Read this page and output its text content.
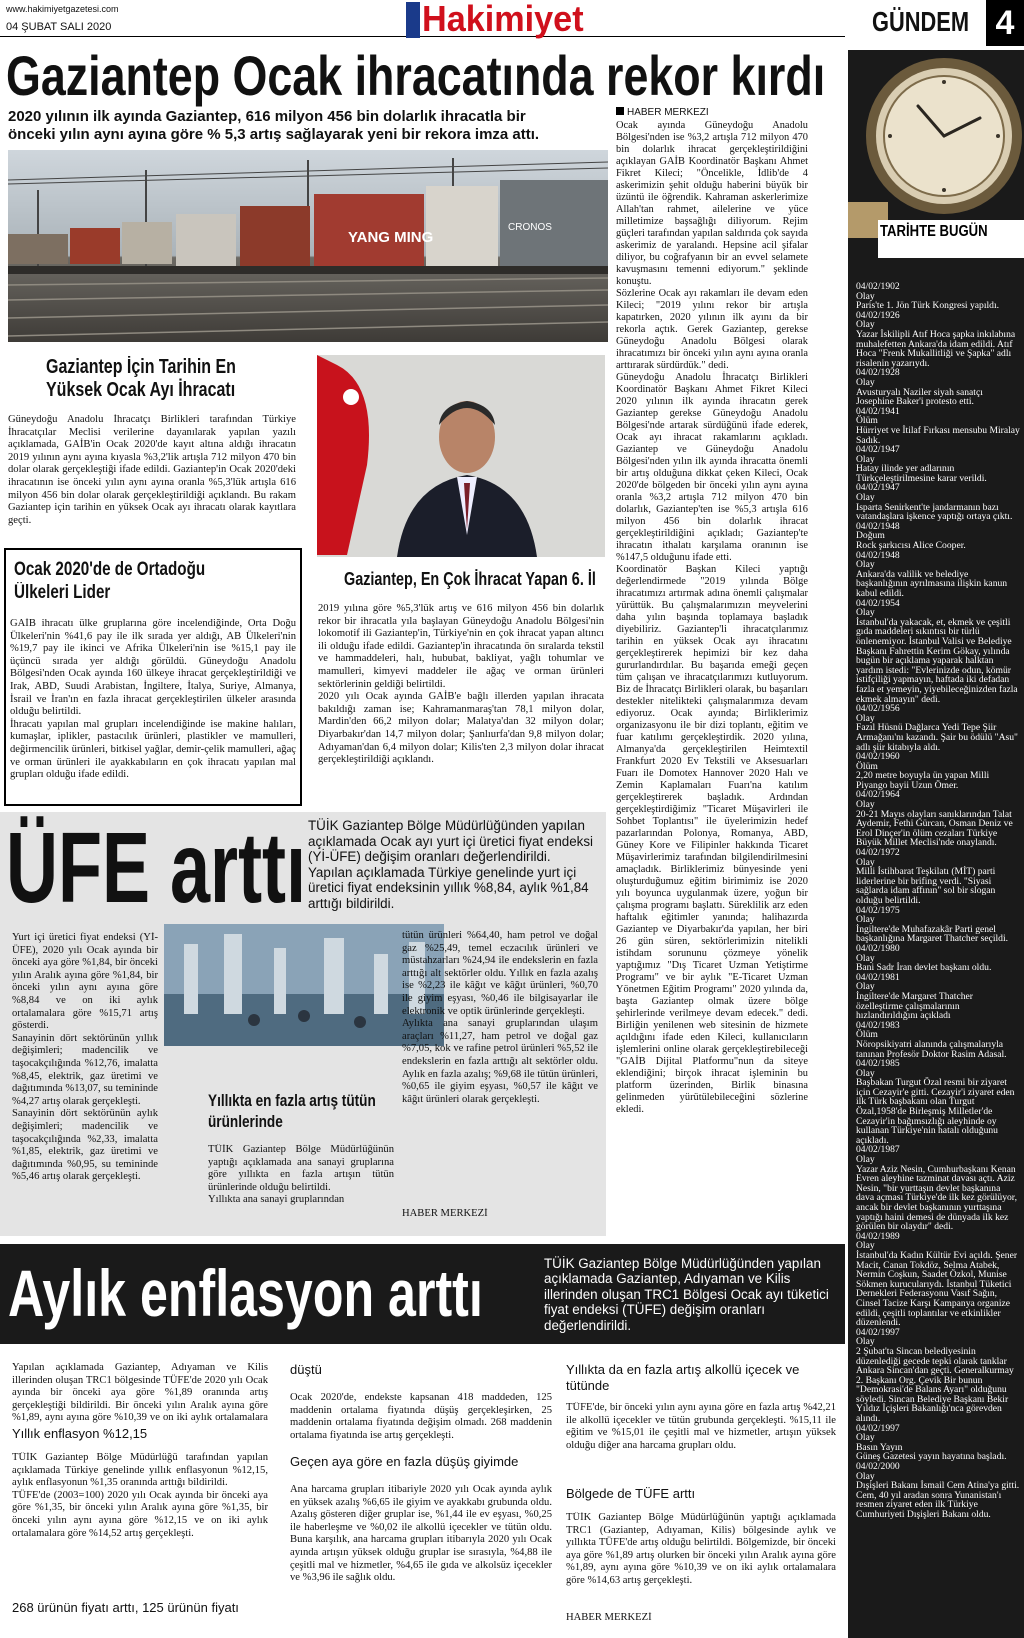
www.hakimiyetgazetesi.com
04 ŞUBAT SALI 2020	Hakimiyet	GÜNDEM 4
Gaziantep Ocak ihracatında rekor kırdı
2020 yılının ilk ayında Gaziantep, 616 milyon 456 bin dolarlık ihracatla bir
önceki yılın aynı ayına göre % 5,3 artış sağlayarak yeni bir rekora imza attı.
YANG MING
CRONOS
HABER MERKEZİ
Ocak ayında Güneydoğu Anadolu Bölgesi'nden ise %3,2 artışla 712 milyon 470 bin dolarlık ihracat gerçekleştirildiğini açıklayan GAİB Koordinatör Başkanı Ahmet Fikret Kileci; "Öncelikle, İdlib'de 4 askerimizin şehit olduğu haberini büyük bir üzüntü ile öğrendik. Kahraman askerlerimize Allah'tan rahmet, ailelerine ve yüce milletimize başsağlığı diliyorum. Rejim güçleri tarafından yapılan saldırıda çok sayıda askerimiz de yaralandı. Hepsine acil şifalar diliyor, bu coğrafyanın bir an evvel selamete kavuşmasını temenni ediyorum." şeklinde konuştu.
Sözlerine Ocak ayı rakamları ile devam eden Kileci; "2019 yılını rekor bir artışla kapatırken, 2020 yılının ilk ayını da bir rekorla açtık. Gerek Gaziantep, gerekse Güneydoğu Anadolu Bölgesi olarak ihracatımızı bir önceki yılın aynı ayına oranla arttırarak sürdürdük." dedi.
Güneydoğu Anadolu İhracatçı Birlikleri Koordinatör Başkanı Ahmet Fikret Kileci 2020 yılının ilk ayında ihracatın gerek Gaziantep gerekse Güneydoğu Anadolu Bölgesi'nde artarak sürdüğünü ifade ederek, Ocak ayı ihracat rakamlarını açıkladı. Gaziantep ve Güneydoğu Anadolu Bölgesi'nden yılın ilk ayında ihracatta önemli bir artış olduğuna dikkat çeken Kileci, Ocak 2020'de bölgeden bir önceki yılın aynı ayına oranla %3,2 artışla 712 milyon 470 bin dolarlık, Gaziantep'ten ise %5,3 artışla 616 milyon 456 bin dolarlık ihracat gerçekleştirildiğini açıkladı; Gaziantep'te ihracatın ithalatı karşılama oranının ise %147,5 olduğunu ifade etti.
Koordinatör Başkan Kileci yaptığı değerlendirmede "2019 yılında Bölge ihracatımızı artırmak adına önemli çalışmalar yürüttük. Bu çalışmalarımızın meyvelerini daha yılın başında toplamaya başladık diyebiliriz. Gaziantep'li ihracatçılarımız tarihin en yüksek Ocak ayı ihracatını gerçekleştirerek hepimizi bir kez daha gururlandırdılar. Bu başarıda emeği geçen tüm çalışan ve ihracatçılarımızı kutluyorum. Biz de İhracatçı Birlikleri olarak, bu başarıları destekler nitelikteki çalışmalarımıza devam ediyoruz. Ocak ayında; Birliklerimiz organizasyonu ile bir dizi toplantı, eğitim ve fuar katılımı gerçekleştirdik. 2020 yılına, Almanya'da gerçekleştirilen Heimtextil Frankfurt 2020 Ev Tekstili ve Aksesuarları Fuarı ile Domotex Hannover 2020 Halı ve Zemin Kaplamaları Fuarı'na katılım gerçekleştirerek başladık. Ardından gerçekleştirdiğimiz "Ticaret Müşavirleri ile Sohbet Toplantısı" ile üyelerimizin hedef pazarlarından Polonya, Romanya, ABD, Güney Kore ve Filipinler hakkında Ticaret Müşavirlerimiz tarafından bilgilendirilmesini amaçladık. Birliklerimiz bünyesinde yeni oluşturduğumuz eğitim birimimiz ise 2020 yılı boyunca uygulanmak üzere, yoğun bir çalışma programı başlattı. Süreklilik arz eden haftalık eğitimler yanında; halihazırda Gaziantep ve Diyarbakır'da yapılan, her biri 26 gün süren, sektörlerimizin nitelikli istihdam sorununu çözmeye yönelik yaptığımız "Dış Ticaret Uzman Yetiştirme Programı" ve bir aylık "E-Ticaret Uzman Yönetmen Eğitim Programı" 2020 yılında da, başta Gaziantep olmak üzere bölge şehirlerinde verilmeye devam edecek." dedi. Birliğin yenilenen web sitesinin de hizmete açıldığını ifade eden Kileci, kullanıcıların işlemlerini online olarak gerçekleştirebileceği "GAİB Dijital Platformu"nun da siteye eklendiğini; birçok ihracat işleminin bu platform üzerinden, Birlik binasına gelinmeden yürütülebileceğini sözlerine ekledi.
Gaziantep İçin Tarihin En
Yüksek Ocak Ayı İhracatı
Güneydoğu Anadolu İhracatçı Birlikleri tarafından Türkiye İhracatçılar Meclisi verilerine dayanılarak yapılan yazılı açıklamada, GAİB'in Ocak 2020'de kayıt altına aldığı ihracatın 2019 yılının aynı ayına kıyasla %3,2'lik artışla 712 milyon 470 bin dolar olarak gerçekleştiği ifade edildi. Gaziantep'in Ocak 2020'deki ihracatının ise önceki yılın aynı ayına oranla %5,3'lük artışla 616 milyon 456 bin dolar olarak gerçekleştirildiği açıklandı. Bu rakam Gaziantep için tarihin en yüksek Ocak ayı ihracatı olarak kayıtlara geçti.
Ocak 2020'de de Ortadoğu
Ülkeleri Lider
GAİB ihracatı ülke gruplarına göre incelendiğinde, Orta Doğu Ülkeleri'nin %41,6 pay ile ilk sırada yer aldığı, AB Ülkeleri'nin %19,7 pay ile ikinci ve Afrika Ülkeleri'nin ise %15,1 pay ile üçüncü sırada yer aldığı görüldü. Güneydoğu Anadolu Bölgesi'nden Ocak ayında 160 ülkeye ihracat gerçekleştirildiği ve Irak, ABD, Suudi Arabistan, İngiltere, İtalya, Suriye, Almanya, İsrail ve İran'ın en fazla ihracat gerçekleştirilen ülkeler arasında olduğu belirtildi.
İhracatı yapılan mal grupları incelendiğinde ise makine halıları, kumaşlar, iplikler, pastacılık ürünleri, plastikler ve mamulleri, değirmencilik ürünleri, bitkisel yağlar, demir-çelik mamulleri, ağaç ve orman ürünleri ile ayakkabıların en çok ihracatı yapılan mal grupları olduğu ifade edildi.
Gaziantep, En Çok İhracat Yapan 6. İl
2019 yılına göre %5,3'lük artış ve 616 milyon 456 bin dolarlık rekor bir ihracatla yıla başlayan Güneydoğu Anadolu Bölgesi'nin lokomotif ili Gaziantep'in, Türkiye'nin en çok ihracat yapan altıncı ili olduğu ifade edildi. Gaziantep'in ihracatında ön sıralarda tekstil ve hammaddeleri, halı, hububat, bakliyat, yağlı tohumlar ve mamulleri, kimyevi maddeler ile ağaç ve orman ürünleri sektörlerinin geldiği belirtildi.
2020 yılı Ocak ayında GAİB'e bağlı illerden yapılan ihracata bakıldığı zaman ise; Kahramanmaraş'tan 78,1 milyon dolar, Mardin'den 66,2 milyon dolar; Malatya'dan 32 milyon dolar; Diyarbakır'dan 14,7 milyon dolar; Şanlıurfa'dan 9,8 milyon dolar; Adıyaman'dan 6,4 milyon dolar; Kilis'ten 2,3 milyon dolar ihracat gerçekleştirildiği açıklandı.
ÜFE arttı TÜİK Gaziantep Bölge Müdürlüğünden yapılan açıklamada Ocak ayı yurt içi üretici fiyat endeksi (Yİ-ÜFE) değişim oranları değerlendirildi. Yapılan açıklamada Türkiye genelinde yurt içi üretici fiyat endeksinin yıllık %8,84, aylık %1,84 arttığı bildirildi.
Yurt içi üretici fiyat endeksi (Yİ-ÜFE), 2020 yılı Ocak ayında bir önceki aya göre %1,84, bir önceki yılın Aralık ayına göre %1,84, bir önceki yılın aynı ayına göre %8,84 ve on iki aylık ortalamalara göre %15,71 artış gösterdi.
Sanayinin dört sektörünün yıllık değişimleri; madencilik ve taşocakçılığında %12,76, imalatta %8,45, elektrik, gaz üretimi ve dağıtımında %13,07, su temininde %4,27 artış olarak gerçekleşti.
Sanayinin dört sektörünün aylık değişimleri; madencilik ve taşocakçılığında %2,33, imalatta %1,85, elektrik, gaz üretimi ve dağıtımında %0,95, su temininde %5,46 artış olarak gerçekleşti.
Yıllıkta en fazla artış tütün
ürünlerinde
TÜİK Gaziantep Bölge Müdürlüğünün yaptığı açıklamada ana sanayi gruplarına göre yıllıkta en fazla artışın tütün ürünlerinde olduğu belirtildi.
Yıllıkta ana sanayi gruplarından
tütün ürünleri %64,40, ham petrol ve doğal gaz %25,49, temel eczacılık ürünleri ve müstahzarları %24,94 ile endekslerin en fazla arttığı alt sektörler oldu. Yıllık en fazla azalış ise %2,23 ile kâğıt ve kâğıt ürünleri, %0,70 ile giyim eşyası, %0,46 ile bilgisayarlar ile elektronik ve optik ürünlerinde gerçekleşti.
Aylıkta ana sanayi gruplarından ulaşım araçları %11,27, ham petrol ve doğal gaz %7,05, kok ve rafine petrol ürünleri %5,52 ile endekslerin en fazla arttığı alt sektörler oldu. Aylık en fazla azalış; %9,68 ile tütün ürünleri, %0,65 ile giyim eşyası, %0,57 ile kâğıt ve kâğıt ürünleri olarak gerçekleşti.
HABER MERKEZİ
Aylık enflasyon arttı	TÜİK Gaziantep Bölge Müdürlüğünden yapılan açıklamada Gaziantep, Adıyaman ve Kilis illerinden oluşan TRC1 Bölgesi Ocak ayı tüketici fiyat endeksi (TÜFE) değişim oranları değerlendirildi.
Yapılan açıklamada Gaziantep, Adıyaman ve Kilis illerinden oluşan TRC1 bölgesinde TÜFE'de 2020 yılı Ocak ayında bir önceki aya göre %1,89 oranında artış gerçekleştiği bildirildi. Bir önceki yılın Aralık ayına göre %1,89, aynı ayına göre %10,39 ve on iki aylık ortalamalara
Yıllık enflasyon %12,15
TÜİK Gaziantep Bölge Müdürlüğü tarafından yapılan açıklamada Türkiye genelinde yıllık enflasyonun %12,15, aylık enflasyonun %1,35 oranında arttığı bildirildi.
TÜFE'de (2003=100) 2020 yılı Ocak ayında bir önceki aya göre %1,35, bir önceki yılın Aralık ayına göre %1,35, bir önceki yılın aynı ayına göre %12,15 ve on iki aylık ortalamalara göre %14,52 artış gerçekleşti.
268 ürünün fiyatı arttı, 125 ürünün fiyatı
düştü
Ocak 2020'de, endekste kapsanan 418 maddeden, 125 maddenin ortalama fiyatında düşüş gerçekleşirken, 25 maddenin ortalama fiyatında değişim olmadı. 268 maddenin ortalama fiyatında ise artış gerçekleşti.
Geçen aya göre en fazla düşüş giyimde
Ana harcama grupları itibariyle 2020 yılı Ocak ayında aylık en yüksek azalış %6,65 ile giyim ve ayakkabı grubunda oldu. Azalış gösteren diğer gruplar ise, %1,44 ile ev eşyası, %0,25 ile haberleşme ve %0,02 ile alkollü içecekler ve tütün oldu. Buna karşılık, ana harcama grupları itibarıyla 2020 yılı Ocak ayında artışın yüksek olduğu gruplar ise sırasıyla, %4,88 ile çeşitli mal ve hizmetler, %4,65 ile gıda ve alkolsüz içecekler ve %3,96 ile sağlık oldu.
Yıllıkta da en fazla artış alkollü içecek ve tütünde
TÜFE'de, bir önceki yılın aynı ayına göre en fazla artış %42,21 ile alkollü içecekler ve tütün grubunda gerçekleşti. %15,11 ile eğitim ve %15,01 ile çeşitli mal ve hizmetler, artışın yüksek olduğu diğer ana harcama grupları oldu.
Bölgede de TÜFE arttı
TÜİK Gaziantep Bölge Müdürlüğünün yaptığı açıklamada TRC1 (Gaziantep, Adıyaman, Kilis) bölgesinde aylık ve yıllıkta TÜFE'de artış olduğu belirtildi. Bölgemizde, bir önceki aya göre %1,89 artış olurken bir önceki yılın Aralık ayına göre %1,89, aynı ayına göre %10,39 ve on iki aylık ortalamalara göre %14,63 artış gerçekleşti.
HABER MERKEZİ
TARİHTE BUGÜN
04/02/1902
Olay
Paris'te 1. Jön Türk Kongresi yapıldı.
04/02/1926
Olay
Yazar İskilipli Atıf Hoca şapka inkılabına muhalefetten Ankara'da idam edildi. Atıf Hoca "Frenk Mukallitliği ve Şapka" adlı risalenin yazarıydı.
04/02/1928
Olay
Avusturyalı Naziler siyah sanatçı Josephine Baker'i protesto etti.
04/02/1941
Ölüm
Hürriyet ve İtilaf Fırkası mensubu Miralay Sadık.
04/02/1947
Olay
Hatay ilinde yer adlarının Türkçeleştirilmesine karar verildi.
04/02/1947
Olay
Isparta Senirkent'te jandarmanın bazı vatandaşlara işkence yaptığı ortaya çıktı.
04/02/1948
Doğum
Rock şarkıcısı Alice Cooper.
04/02/1948
Olay
Ankara'da valilik ve belediye başkanlığının ayrılmasına ilişkin kanun kabul edildi.
04/02/1954
Olay
İstanbul'da yakacak, et, ekmek ve çeşitli gıda maddeleri sıkıntısı bir türlü önlenemiyor. İstanbul Valisi ve Belediye Başkanı Fahrettin Kerim Gökay, yılında bugün bir açıklama yaparak halktan yardım istedi: "Evlerinizde odun, kömür istifçiliği yapmayın, haftada iki defadan fazla et yemeyin, yiyebileceğinizden fazla ekmek almayın" dedi.
04/02/1956
Olay
Fazıl Hüsnü Dağlarca Yedi Tepe Şiir Armağanı'nı kazandı. Şair bu ödülü "Asu" adlı şiir kitabıyla aldı.
04/02/1960
Ölüm
2,20 metre boyuyla ün yapan Milli Piyango bayii Uzun Ömer.
04/02/1964
Olay
20-21 Mayıs olayları sanıklarından Talat Aydemir, Fethi Gürcan, Osman Deniz ve Erol Dinçer'in ölüm cezaları Türkiye Büyük Millet Meclisi'nde onaylandı.
04/02/1972
Olay
Milli İstihbarat Teşkilatı (MİT) parti liderlerine bir brifing verdi. "Siyasi sağlarda idam affının" sol bir slogan olduğu belirtildi.
04/02/1975
Olay
İngiltere'de Muhafazakâr Parti genel başkanlığına Margaret Thatcher seçildi.
04/02/1980
Olay
Bani Sadr İran devlet başkanı oldu.
04/02/1981
Olay
İngiltere'de Margaret Thatcher özelleştirme çalışmalarının hızlandırıldığını açıkladı
04/02/1983
Ölüm
Nöropsikiyatri alanında çalışmalarıyla tanınan Profesör Doktor Rasim Adasal.
04/02/1985
Olay
Başbakan Turgut Özal resmi bir ziyaret için Cezayir'e gitti. Cezayir'i ziyaret eden ilk Türk başbakanı olan Turgut Özal,1958'de Birleşmiş Milletler'de Cezayir'in bağımsızlığı aleyhinde oy kullanan Türkiye'nin hatalı olduğunu açıkladı.
04/02/1987
Olay
Yazar Aziz Nesin, Cumhurbaşkanı Kenan Evren aleyhine tazminat davası açtı. Aziz Nesin, "bir yurttaşın devlet başkanına dava açması Türkiye'de ilk kez görülüyor, ancak bir devlet başkanının yurttaşına yaptığı haini demesi de dünyada ilk kez görülen bir olaydır" dedi.
04/02/1989
Olay
İstanbul'da Kadın Kültür Evi açıldı. Şener Macit, Canan Tokdöz, Selma Atabek, Nermin Coşkun, Saadet Özkol, Munise Sökmen kurucularıydı. İstanbul Tüketici Dernekleri Federasyonu Vasıf Sağın, Cinsel Tacize Karşı Kampanya organize edildi, çeşitli toplantılar ve etkinlikler düzenlendi.
04/02/1997
Olay
2 Şubat'ta Sincan belediyesinin düzenlediği gecede tepki olarak tanklar Ankara Sincan'dan geçti. Generalkurmay 2. Başkanı Org. Çevik Bir bunun "Demokrasi'de Balans Ayarı" olduğunu söyledi. Sincan Belediye Başkanı Bekir Yıldız İçişleri Bakanlığı'nca görevden alındı.
04/02/1997
Olay
Basın Yayın
Güneş Gazetesi yayın hayatına başladı.
04/02/2000
Olay
Dışişleri Bakanı İsmail Cem Atina'ya gitti. Cem, 40 yıl aradan sonra Yunanistan'ı resmen ziyaret eden ilk Türkiye Cumhuriyeti Dışişleri Bakanı oldu.
